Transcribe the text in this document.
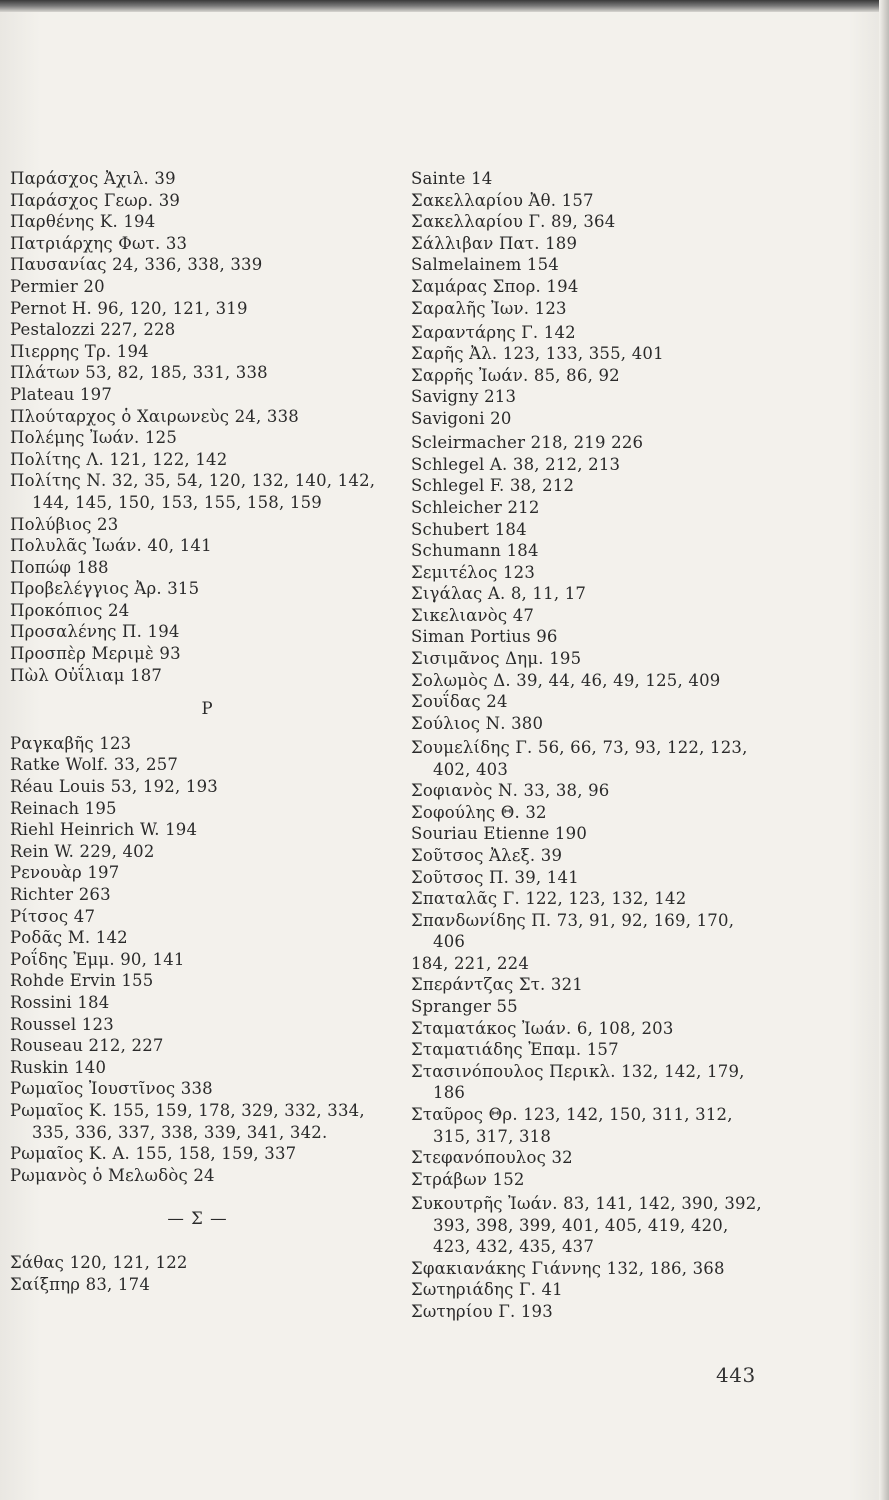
Παράσχος Ἀχιλ. 39
Παράσχος Γεωρ. 39
Παρθένης Κ. 194
Πατριάρχης Φωτ. 33
Παυσανίας 24, 336, 338, 339
Permier 20
Pernot H. 96, 120, 121, 319
Pestalozzi 227, 228
Πιερρης Τρ. 194
Πλάτων 53, 82, 185, 331, 338
Plateau 197
Πλούταρχος ὁ Χαιρωνεὺς 24, 338
Πολέμης Ἰωάν. 125
Πολίτης Λ. 121, 122, 142
Πολίτης Ν. 32, 35, 54, 120, 132, 140, 142, 144, 145, 150, 153, 155, 158, 159
Πολύβιος 23
Πολυλᾶς Ἰωάν. 40, 141
Ποπώφ 188
Προβελέγγιος Ἀρ. 315
Προκόπιος 24
Προσαλένης Π. 194
Προσπὲρ Μεριμὲ 93
Πὼλ Οὐΐλιαμ 187
Ρ
Ραγκαβῆς 123
Ratke Wolf. 33, 257
Réau Louis 53, 192, 193
Reinach 195
Riehl Heinrich W. 194
Rein W. 229, 402
Ρενουὰρ 197
Richter 263
Ρίτσος 47
Ροδᾶς Μ. 142
Ροΐδης Ἐμμ. 90, 141
Rohde Ervin 155
Rossini 184
Roussel 123
Rouseau 212, 227
Ruskin 140
Ρωμαῖος Ἰουστῖνος 338
Ρωμαῖος Κ. 155, 159, 178, 329, 332, 334, 335, 336, 337, 338, 339, 341, 342.
Ρωμαῖος Κ. Α. 155, 158, 159, 337
Ρωμανὸς ὁ Μελωδὸς 24
— Σ —
Σάθας 120, 121, 122
Σαίξπηρ 83, 174
Sainte 14
Σακελλαρίου Ἀθ. 157
Σακελλαρίου Γ. 89, 364
Σάλλιβαν Πατ. 189
Salmelainem 154
Σαμάρας Σπορ. 194
Σαραλῆς Ἰων. 123
Σαραντάρης Γ. 142
Σαρῆς Ἀλ. 123, 133, 355, 401
Σαρρῆς Ἰωάν. 85, 86, 92
Savigny 213
Savigoni 20
Scleirmacher 218, 219 226
Schlegel A. 38, 212, 213
Schlegel F. 38, 212
Schleicher 212
Schubert 184
Schumann 184
Σεμιτέλος 123
Σιγάλας Α. 8, 11, 17
Σικελιανὸς 47
Siman Portius 96
Σισιμᾶνος Δημ. 195
Σολωμὸς Δ. 39, 44, 46, 49, 125, 409
Σουΐδας 24
Σούλιος Ν. 380
Σουμελίδης Γ. 56, 66, 73, 93, 122, 123, 402, 403
Σοφιανὸς Ν. 33, 38, 96
Σοφούλης Θ. 32
Souriau Etienne 190
Σοῦτσος Ἀλεξ. 39
Σοῦτσος Π. 39, 141
Σπαταλᾶς Γ. 122, 123, 132, 142
Σπανδωνίδης Π. 73, 91, 92, 169, 170, 406
184, 221, 224
Σπεράντζας Στ. 321
Spranger 55
Σταματάκος Ἰωάν. 6, 108, 203
Σταματιάδης Ἐπαμ. 157
Στασινόπουλος Περικλ. 132, 142, 179, 186
Σταῦρος Θρ. 123, 142, 150, 311, 312, 315, 317, 318
Στεφανόπουλος 32
Στράβων 152
Συκουτρῆς Ἰωάν. 83, 141, 142, 390, 392, 393, 398, 399, 401, 405, 419, 420, 423, 432, 435, 437
Σφακιανάκης Γιάννης 132, 186, 368
Σωτηριάδης Γ. 41
Σωτηρίου Γ. 193
443
